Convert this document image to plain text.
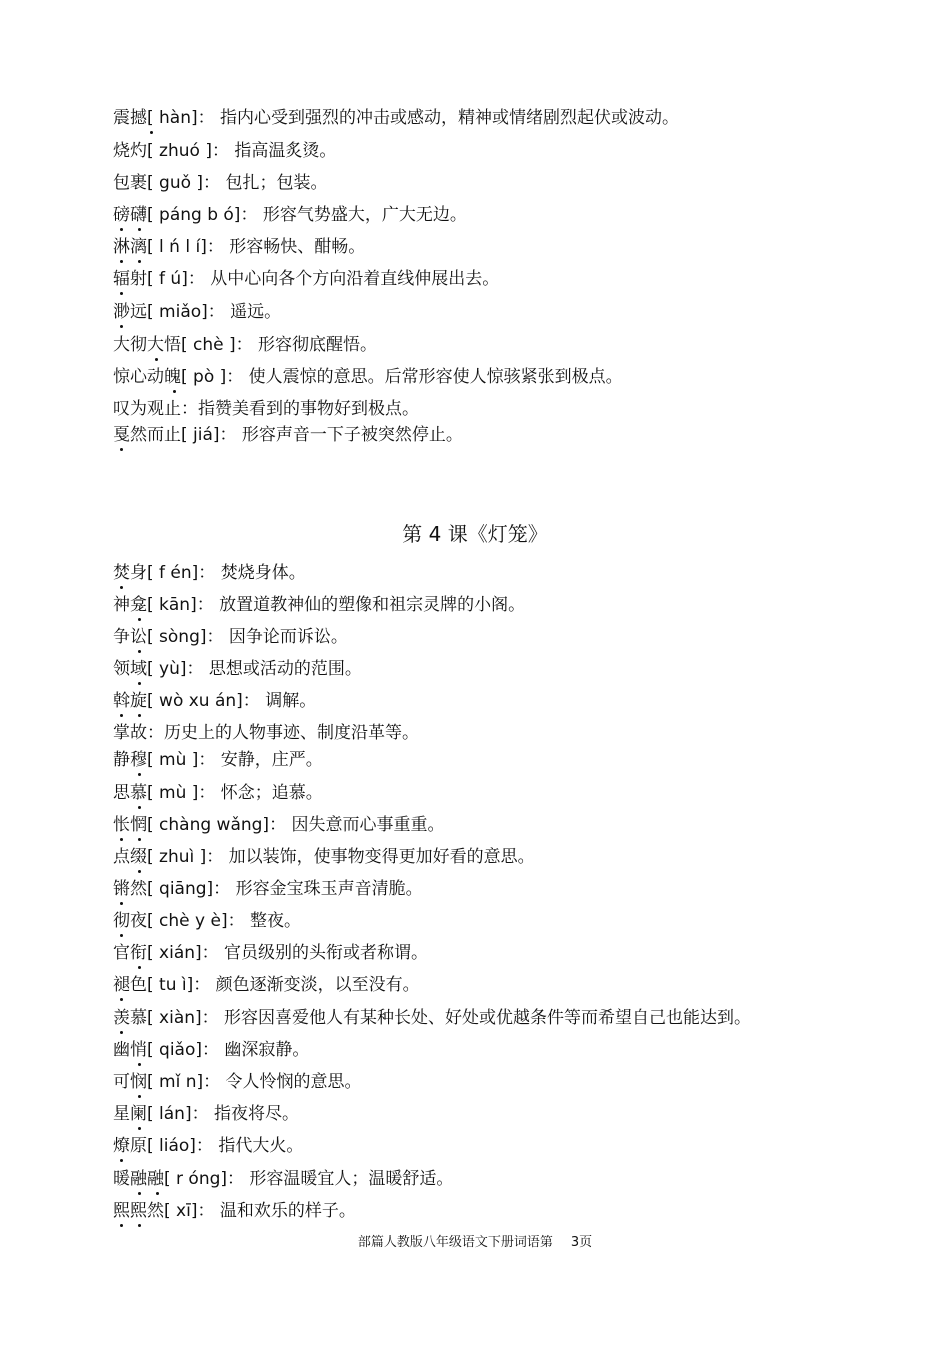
震撼[ hàn]： 指内心受到强烈的冲击或感动，精神或情绪剧烈起伏或波动。
烧灼[ zhuó ]： 指高温炙烫。
包裹[ guǒ ]： 包扎；包装。
磅礴[ páng b ó]： 形容气势盛大，广大无边。
淋漓[ l ń l í]： 形容畅快、酣畅。
辐射[ f ú]： 从中心向各个方向沿着直线伸展出去。
渺远[ miǎo]： 遥远。
大彻大悟[ chè ]： 形容彻底醒悟。
惊心动魄[ pò ]： 使人震惊的意思。后常形容使人惊骇紧张到极点。
叹为观止：指赞美看到的事物好到极点。
戛然而止[ jiá]： 形容声音一下子被突然停止。
第 4 课《灯笼》
焚身[ f én]： 焚烧身体。
神龛[ kān]： 放置道教神仙的塑像和祖宗灵牌的小阁。
争讼[ sòng]： 因争论而诉讼。
领域[ yù]： 思想或活动的范围。
斡旋[ wò xu án]： 调解。
掌故：历史上的人物事迹、制度沿革等。
静穆[ mù ]： 安静，庄严。
思慕[ mù ]： 怀念；追慕。
怅惘[ chàng wǎng]： 因失意而心事重重。
点缀[ zhuì ]： 加以装饰，使事物变得更加好看的意思。
锵然[ qiāng]： 形容金宝珠玉声音清脆。
彻夜[ chè y è]： 整夜。
官衔[ xián]： 官员级别的头衔或者称谓。
褪色[ tu ì]： 颜色逐渐变淡，以至没有。
羡慕[ xiàn]： 形容因喜爱他人有某种长处、好处或优越条件等而希望自己也能达到。
幽悄[ qiǎo]： 幽深寂静。
可悯[ mǐ n]： 令人怜悯的意思。
星阑[ lán]： 指夜将尽。
燎原[ liáo]： 指代大火。
暖融融[ r óng]： 形容温暖宜人；温暖舒适。
熙熙然[ xī]： 温和欢乐的样子。
部篇人教版八年级语文下册词语第 3页
